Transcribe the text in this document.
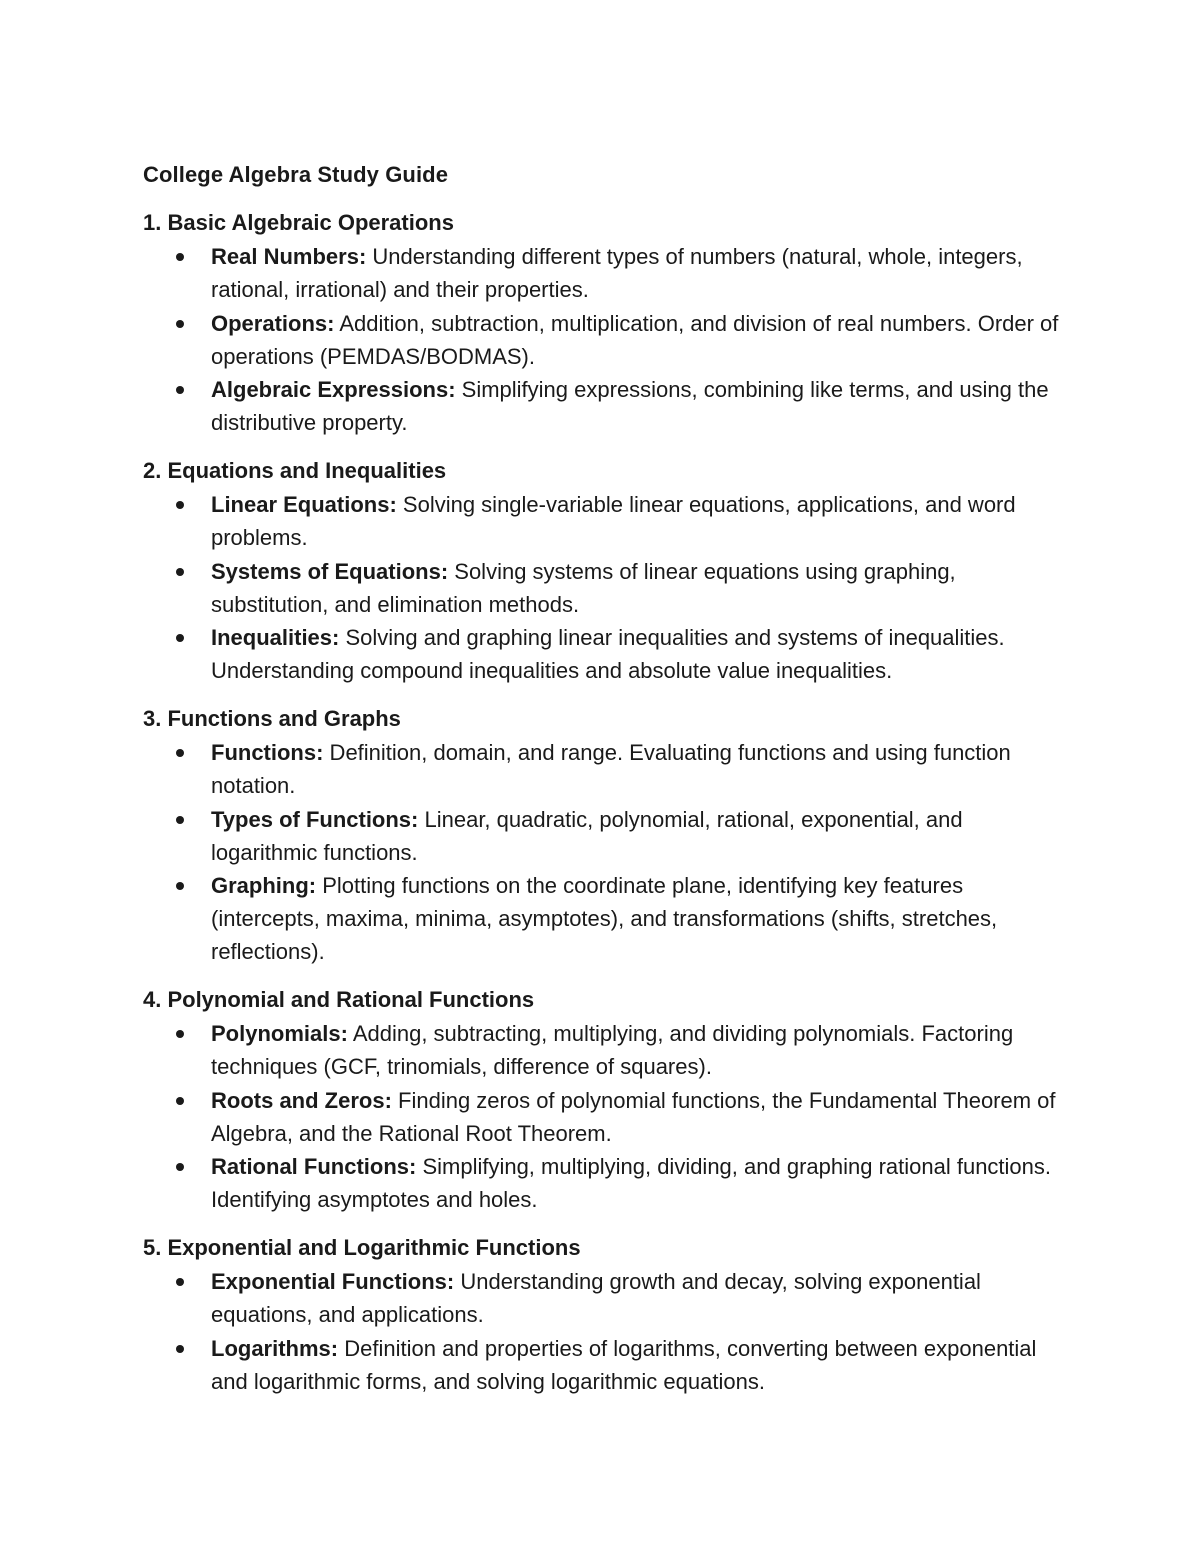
College Algebra Study Guide
1. Basic Algebraic Operations
Real Numbers: Understanding different types of numbers (natural, whole, integers, rational, irrational) and their properties.
Operations: Addition, subtraction, multiplication, and division of real numbers. Order of operations (PEMDAS/BODMAS).
Algebraic Expressions: Simplifying expressions, combining like terms, and using the distributive property.
2. Equations and Inequalities
Linear Equations: Solving single-variable linear equations, applications, and word problems.
Systems of Equations: Solving systems of linear equations using graphing, substitution, and elimination methods.
Inequalities: Solving and graphing linear inequalities and systems of inequalities. Understanding compound inequalities and absolute value inequalities.
3. Functions and Graphs
Functions: Definition, domain, and range. Evaluating functions and using function notation.
Types of Functions: Linear, quadratic, polynomial, rational, exponential, and logarithmic functions.
Graphing: Plotting functions on the coordinate plane, identifying key features (intercepts, maxima, minima, asymptotes), and transformations (shifts, stretches, reflections).
4. Polynomial and Rational Functions
Polynomials: Adding, subtracting, multiplying, and dividing polynomials. Factoring techniques (GCF, trinomials, difference of squares).
Roots and Zeros: Finding zeros of polynomial functions, the Fundamental Theorem of Algebra, and the Rational Root Theorem.
Rational Functions: Simplifying, multiplying, dividing, and graphing rational functions. Identifying asymptotes and holes.
5. Exponential and Logarithmic Functions
Exponential Functions: Understanding growth and decay, solving exponential equations, and applications.
Logarithms: Definition and properties of logarithms, converting between exponential and logarithmic forms, and solving logarithmic equations.
